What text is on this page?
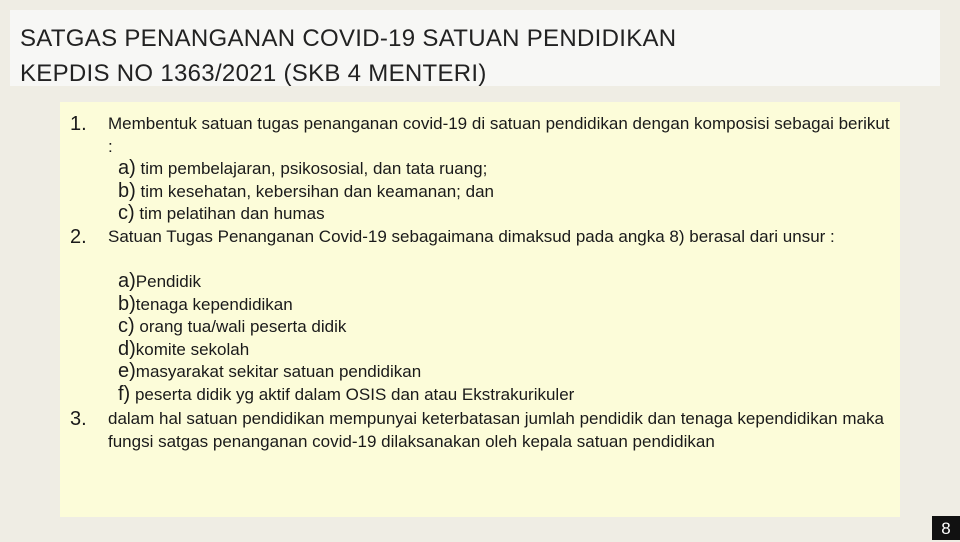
SATGAS PENANGANAN COVID-19 SATUAN PENDIDIKAN
KEPDIS NO 1363/2021 (SKB 4 MENTERI)
1. Membentuk satuan tugas penanganan covid-19 di satuan pendidikan dengan komposisi sebagai berikut :
a) tim pembelajaran, psikososial, dan tata ruang;
b) tim kesehatan, kebersihan dan keamanan; dan
c) tim pelatihan dan humas
2. Satuan Tugas Penanganan Covid-19 sebagaimana dimaksud pada angka 8) berasal dari unsur :
a)Pendidik
b)tenaga kependidikan
c) orang tua/wali peserta didik
d)komite sekolah
e)masyarakat sekitar satuan pendidikan
f) peserta didik yg aktif dalam OSIS dan atau Ekstrakurikuler
3. dalam hal satuan pendidikan mempunyai keterbatasan jumlah pendidik dan tenaga kependidikan maka fungsi satgas penanganan covid-19 dilaksanakan oleh kepala satuan pendidikan
8
